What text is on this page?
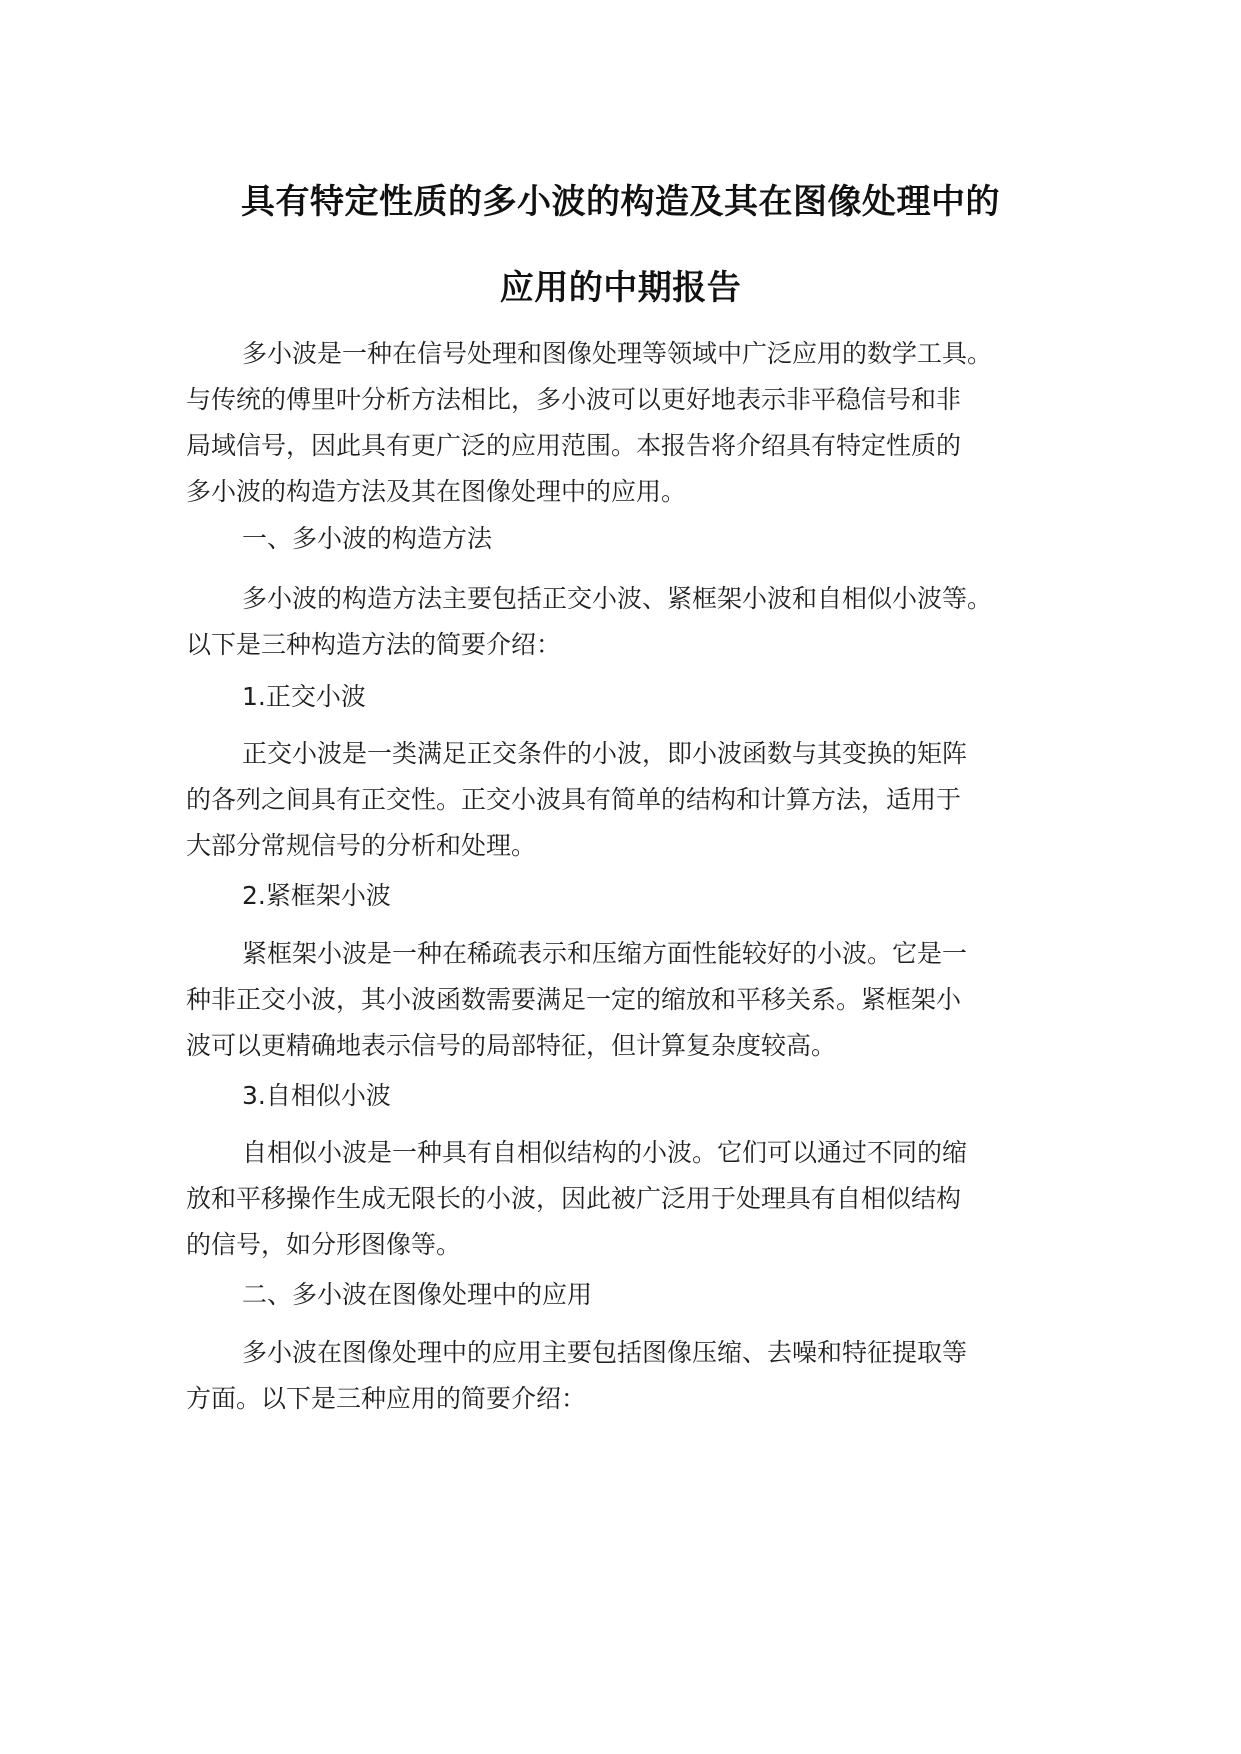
具有特定性质的多小波的构造及其在图像处理中的
应用的中期报告
多小波是一种在信号处理和图像处理等领域中广泛应用的数学工具。
与传统的傅里叶分析方法相比，多小波可以更好地表示非平稳信号和非
局域信号，因此具有更广泛的应用范围。本报告将介绍具有特定性质的
多小波的构造方法及其在图像处理中的应用。
一、多小波的构造方法
多小波的构造方法主要包括正交小波、紧框架小波和自相似小波等。
以下是三种构造方法的简要介绍：
1.正交小波
正交小波是一类满足正交条件的小波，即小波函数与其变换的矩阵
的各列之间具有正交性。正交小波具有简单的结构和计算方法，适用于
大部分常规信号的分析和处理。
2.紧框架小波
紧框架小波是一种在稀疏表示和压缩方面性能较好的小波。它是一
种非正交小波，其小波函数需要满足一定的缩放和平移关系。紧框架小
波可以更精确地表示信号的局部特征，但计算复杂度较高。
3.自相似小波
自相似小波是一种具有自相似结构的小波。它们可以通过不同的缩
放和平移操作生成无限长的小波，因此被广泛用于处理具有自相似结构
的信号，如分形图像等。
二、多小波在图像处理中的应用
多小波在图像处理中的应用主要包括图像压缩、去噪和特征提取等
方面。以下是三种应用的简要介绍：
